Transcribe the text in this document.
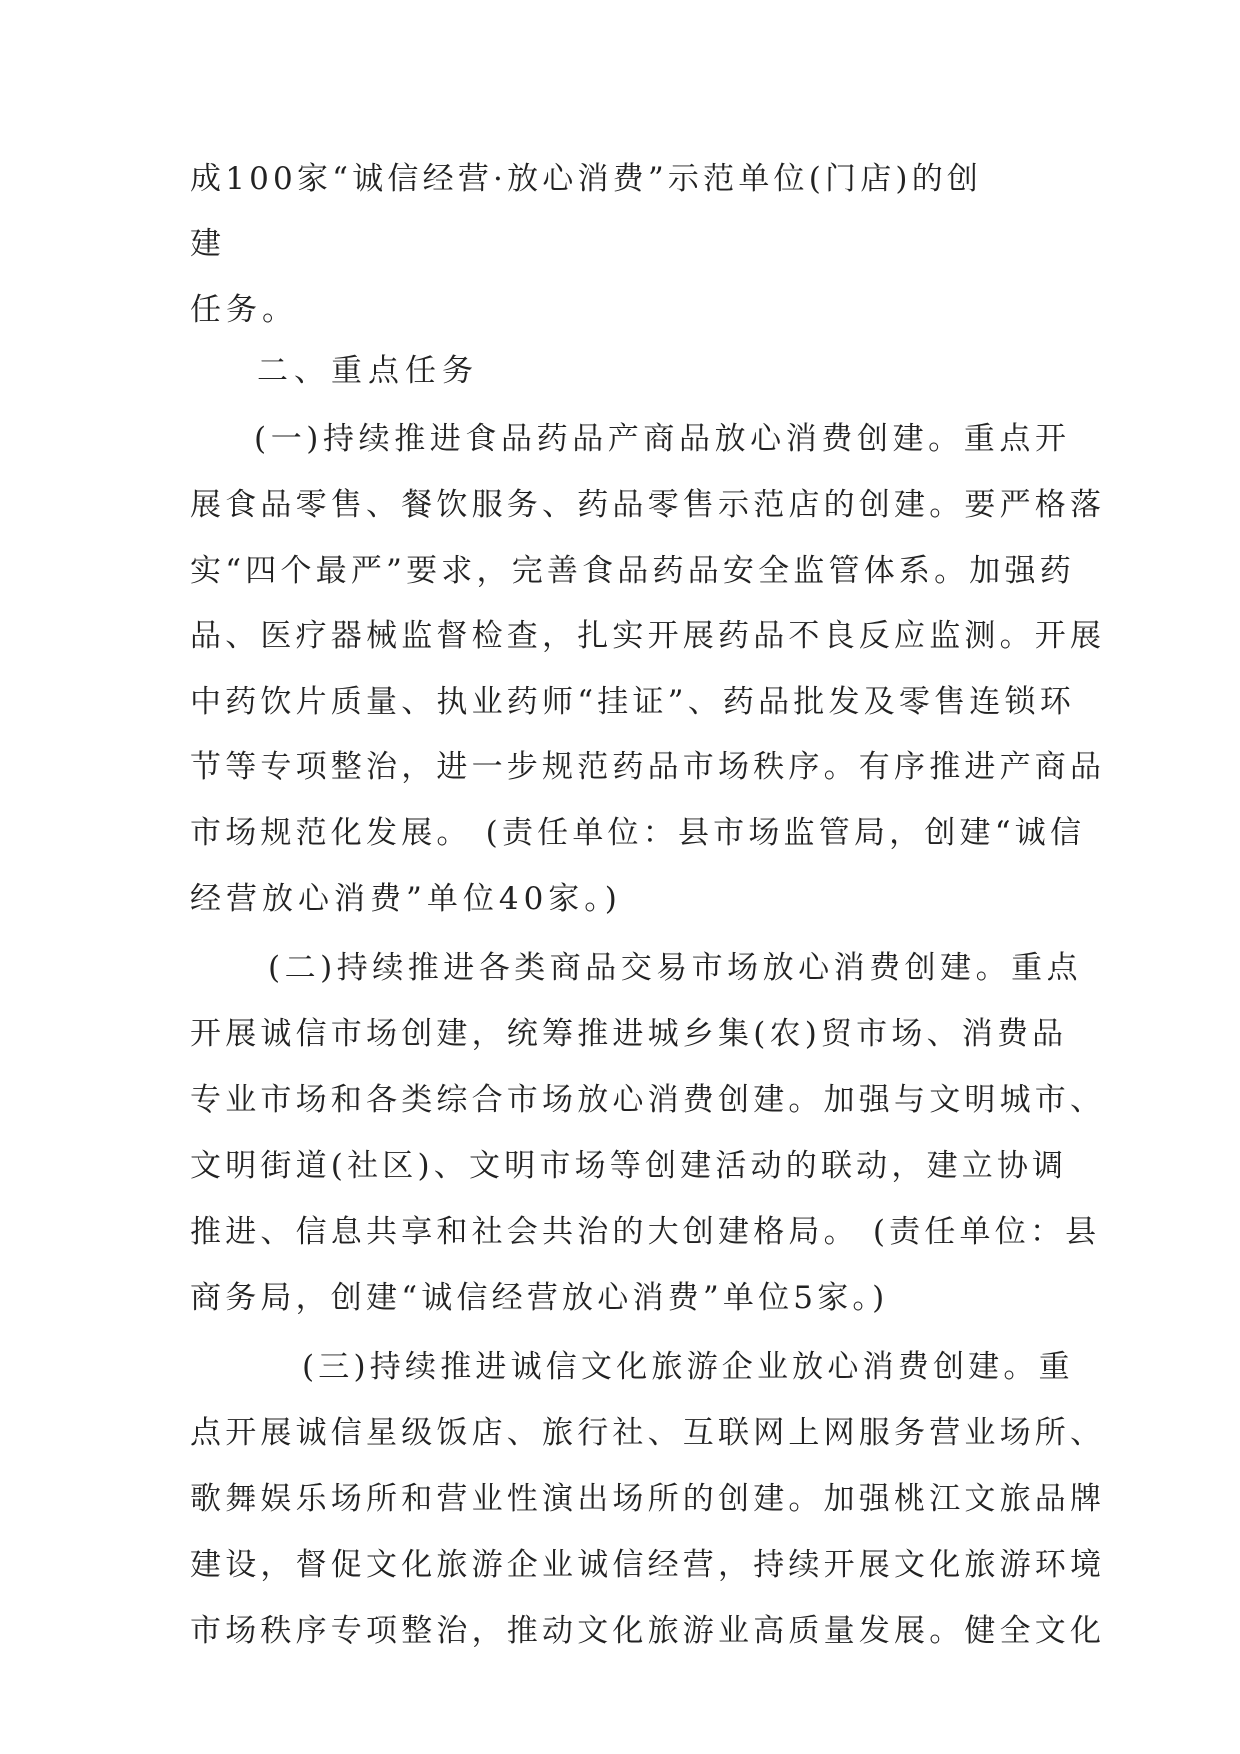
成100家“诚信经营·放心消费”示范单位(门店)的创
建
任务。
二、重点任务
(一)持续推进食品药品产商品放心消费创建。重点开
展食品零售、餐饮服务、药品零售示范店的创建。要严格落
实“四个最严”要求，完善食品药品安全监管体系。加强药
品、医疗器械监督检查，扎实开展药品不良反应监测。开展
中药饮片质量、执业药师“挂证”、药品批发及零售连锁环
节等专项整治，进一步规范药品市场秩序。有序推进产商品
市场规范化发展。 (责任单位：县市场监管局，创建“诚信
经营放心消费”单位40家。)
(二)持续推进各类商品交易市场放心消费创建。重点
开展诚信市场创建，统筹推进城乡集(农)贸市场、消费品
专业市场和各类综合市场放心消费创建。加强与文明城市、
文明街道(社区)、文明市场等创建活动的联动，建立协调
推进、信息共享和社会共治的大创建格局。 (责任单位：县
商务局，创建“诚信经营放心消费”单位5家。)
(三)持续推进诚信文化旅游企业放心消费创建。重
点开展诚信星级饭店、旅行社、互联网上网服务营业场所、
歌舞娱乐场所和营业性演出场所的创建。加强桃江文旅品牌
建设，督促文化旅游企业诚信经营，持续开展文化旅游环境
市场秩序专项整治，推动文化旅游业高质量发展。健全文化
